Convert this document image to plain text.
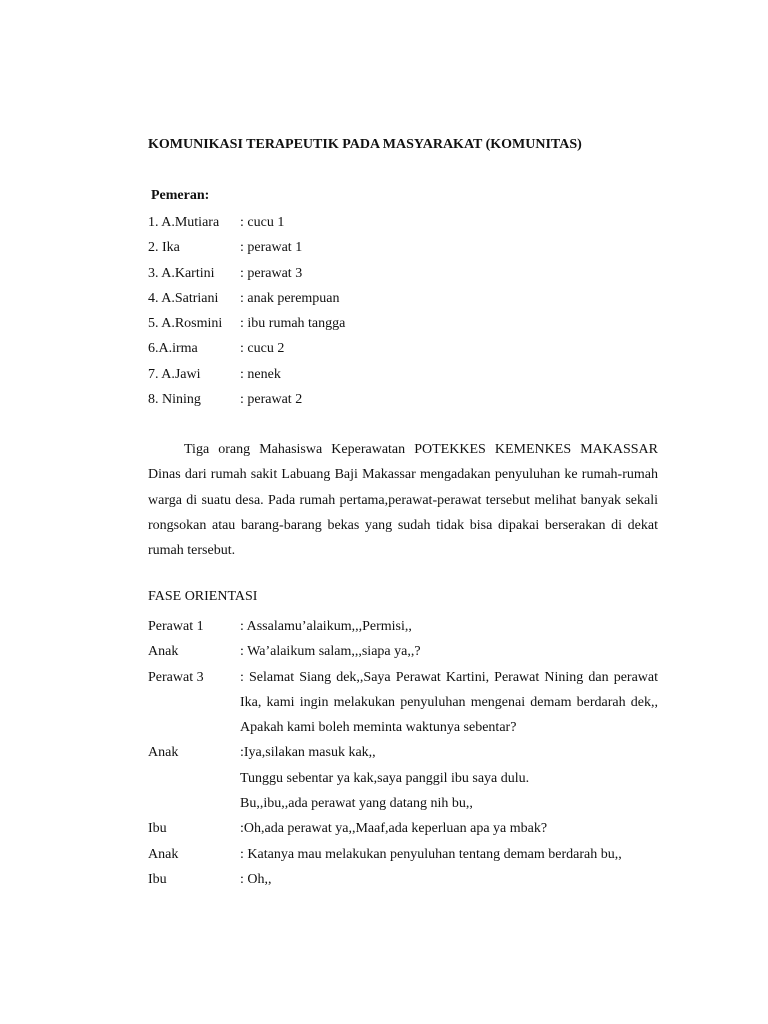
KOMUNIKASI TERAPEUTIK PADA MASYARAKAT (KOMUNITAS)
Pemeran:
1. A.Mutiara : cucu 1
2. Ika	: perawat 1
3. A.Kartini : perawat 3
4. A.Satriani : anak perempuan
5. A.Rosmini : ibu rumah tangga
6.A.irma	: cucu 2
7. A.Jawi	: nenek
8. Nining	: perawat 2

Tiga orang Mahasiswa Keperawatan POTEKKES KEMENKES MAKASSAR Dinas dari rumah sakit Labuang Baji Makassar mengadakan penyuluhan ke rumah-rumah warga di suatu desa. Pada rumah pertama,perawat-perawat tersebut melihat banyak sekali rongsokan atau barang-barang bekas yang sudah tidak bisa dipakai berserakan di dekat rumah tersebut.

FASE ORIENTASI
Perawat 1	: Assalamu’alaikum,,,Permisi,,
Anak	: Wa’alaikum salam,,,siapa ya,,?
Perawat 3	: Selamat Siang dek,,Saya Perawat Kartini, Perawat Nining dan perawat Ika, kami ingin melakukan penyuluhan mengenai demam berdarah dek,, Apakah kami boleh meminta waktunya sebentar?
Anak	:Iya,silakan masuk kak,,
Tunggu sebentar ya kak,saya panggil ibu saya dulu.
Bu,,ibu,,ada perawat yang datang nih bu,,
Ibu	:Oh,ada perawat ya,,Maaf,ada keperluan apa ya mbak?
Anak	: Katanya mau melakukan penyuluhan tentang demam berdarah bu,,
Ibu	: Oh,,
